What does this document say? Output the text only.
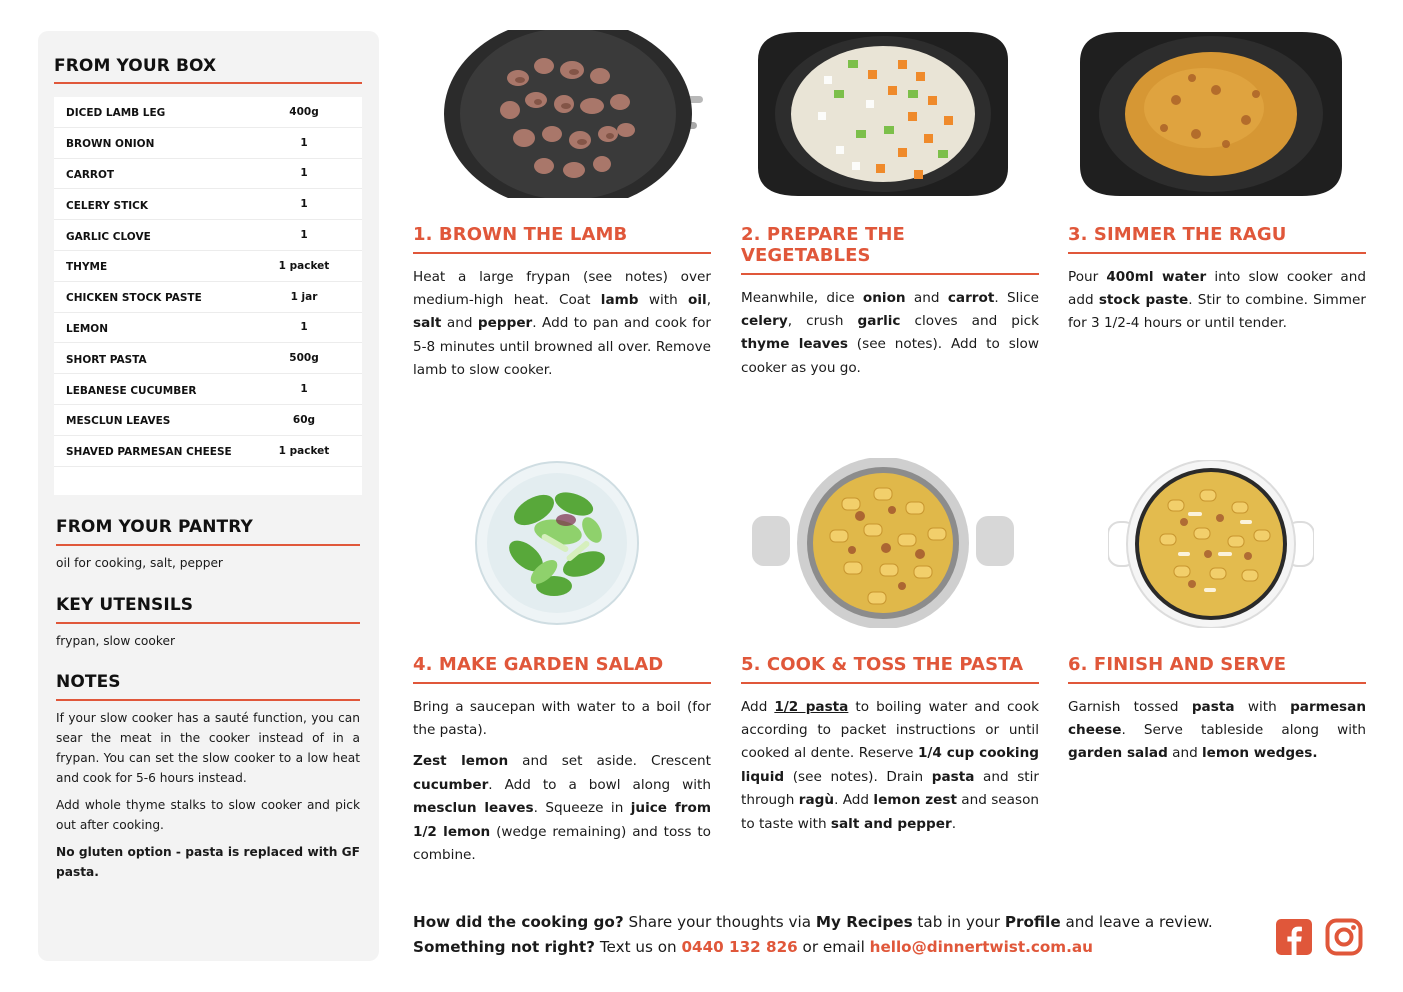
FROM YOUR BOX
DICED LAMB LEG	400g
BROWN ONION	1
CARROT	1
CELERY STICK	1
GARLIC CLOVE	1
THYME	1 packet
CHICKEN STOCK PASTE	1 jar
LEMON	1
SHORT PASTA	500g
LEBANESE CUCUMBER	1
MESCLUN LEAVES	60g
SHAVED PARMESAN CHEESE	1 packet
FROM YOUR PANTRY
oil for cooking, salt, pepper
KEY UTENSILS
frypan, slow cooker
NOTES

If your slow cooker has a sauté function, you can sear the meat in the cooker instead of in a frypan. You can set the slow cooker to a low heat and cook for 5-6 hours instead.

Add whole thyme stalks to slow cooker and pick out after cooking.

No gluten option - pasta is replaced with GF pasta.

1. BROWN THE LAMB

Heat a large frypan (see notes) over medium-high heat. Coat lamb with oil, salt and pepper. Add to pan and cook for 5-8 minutes until browned all over. Remove lamb to slow cooker.

2. PREPARE THE VEGETABLES

Meanwhile, dice onion and carrot. Slice celery, crush garlic cloves and pick thyme leaves (see notes). Add to slow cooker as you go.

3. SIMMER THE RAGU

Pour 400ml water into slow cooker and add stock paste. Stir to combine. Simmer for 3 1/2-4 hours or until tender.

4. MAKE GARDEN SALAD

Bring a saucepan with water to a boil (for the pasta).

Zest lemon and set aside. Crescent cucumber. Add to a bowl along with mesclun leaves. Squeeze in juice from 1/2 lemon (wedge remaining) and toss to combine.

5. COOK & TOSS THE PASTA

Add 1/2 pasta to boiling water and cook according to packet instructions or until cooked al dente. Reserve 1/4 cup cooking liquid (see notes). Drain pasta and stir through ragù. Add lemon zest and season to taste with salt and pepper.

6. FINISH AND SERVE

Garnish tossed pasta with parmesan cheese. Serve tableside along with garden salad and lemon wedges.

How did the cooking go? Share your thoughts via My Recipes tab in your Profile and leave a review.
Something not right? Text us on 0440 132 826 or email hello@dinnertwist.com.au
